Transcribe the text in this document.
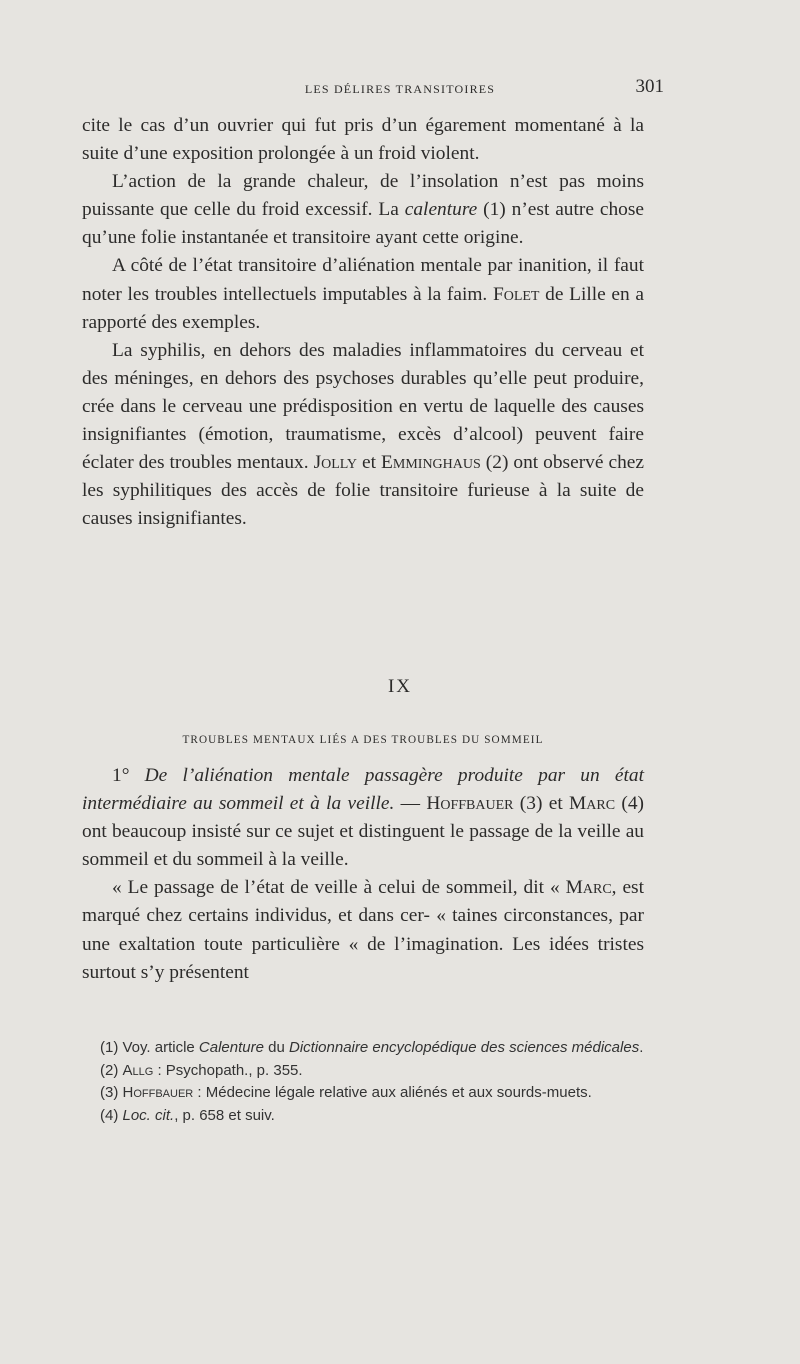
LES DÉLIRES TRANSITOIRES	301

cite le cas d’un ouvrier qui fut pris d’un égarement momentané à la suite d’une exposition prolongée à un froid violent.

L’action de la grande chaleur, de l’insolation n’est pas moins puissante que celle du froid excessif. La calenture (1) n’est autre chose qu’une folie instantanée et transitoire ayant cette origine.

A côté de l’état transitoire d’aliénation mentale par inanition, il faut noter les troubles intellectuels imputables à la faim. Folet de Lille en a rapporté des exemples.

La syphilis, en dehors des maladies inflammatoires du cerveau et des méninges, en dehors des psychoses durables qu’elle peut produire, crée dans le cerveau une prédisposition en vertu de laquelle des causes insignifiantes (émotion, traumatisme, excès d’alcool) peuvent faire éclater des troubles mentaux. Jolly et Emminghaus (2) ont observé chez les syphilitiques des accès de folie transitoire furieuse à la suite de causes insignifiantes.

IX
TROUBLES MENTAUX LIÉS A DES TROUBLES DU SOMMEIL

1° De l’aliénation mentale passagère produite par un état intermédiaire au sommeil et à la veille. — Hoffbauer (3) et Marc (4) ont beaucoup insisté sur ce sujet et distinguent le passage de la veille au sommeil et du sommeil à la veille.

« Le passage de l’état de veille à celui de sommeil, dit « Marc, est marqué chez certains individus, et dans cer- « taines circonstances, par une exaltation toute particulière « de l’imagination. Les idées tristes surtout s’y présentent

(1) Voy. article Calenture du Dictionnaire encyclopédique des sciences médicales.

(2) Allg : Psychopath., p. 355.

(3) Hoffbauer : Médecine légale relative aux aliénés et aux sourds-muets.

(4) Loc. cit., p. 658 et suiv.
